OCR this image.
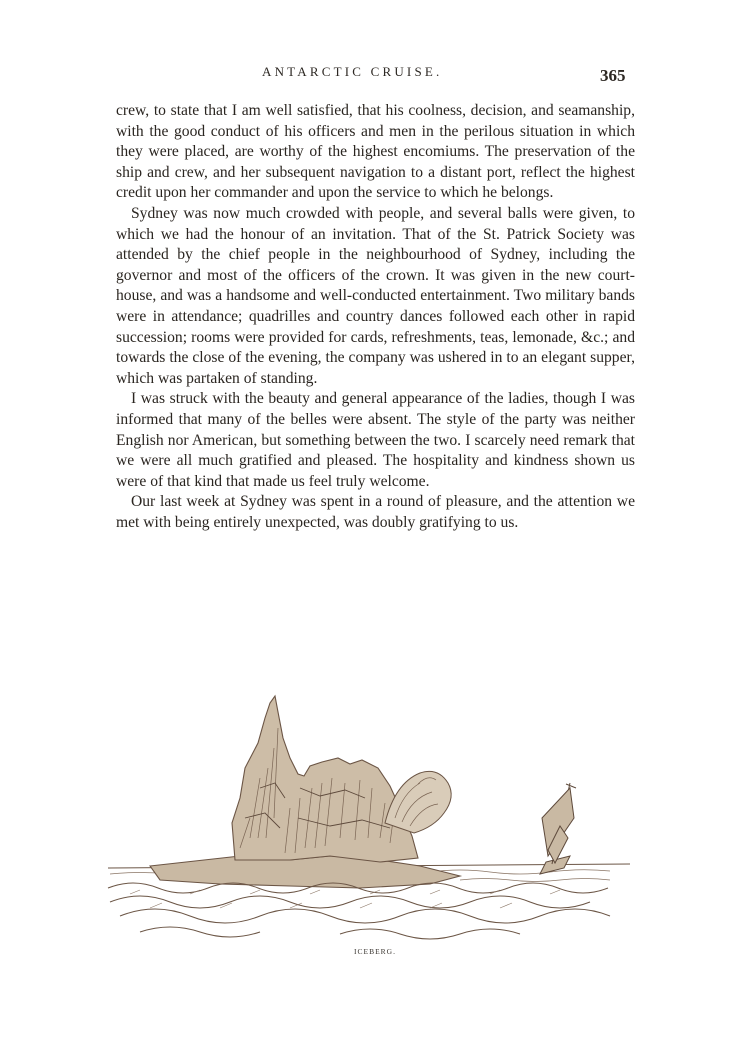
ANTARCTIC CRUISE.	365

crew, to state that I am well satisfied, that his coolness, decision, and seamanship, with the good conduct of his officers and men in the perilous situation in which they were placed, are worthy of the highest encomiums. The preservation of the ship and crew, and her subsequent navigation to a distant port, reflect the highest credit upon her commander and upon the service to which he belongs.

Sydney was now much crowded with people, and several balls were given, to which we had the honour of an invitation. That of the St. Patrick Society was attended by the chief people in the neighbourhood of Sydney, including the governor and most of the officers of the crown. It was given in the new court-house, and was a handsome and well-conducted entertainment. Two military bands were in attendance; quadrilles and country dances followed each other in rapid succession; rooms were provided for cards, refreshments, teas, lemonade, &c.; and towards the close of the evening, the company was ushered in to an elegant supper, which was partaken of standing.

I was struck with the beauty and general appearance of the ladies, though I was informed that many of the belles were absent. The style of the party was neither English nor American, but something between the two. I scarcely need remark that we were all much gratified and pleased. The hospitality and kindness shown us were of that kind that made us feel truly welcome.

Our last week at Sydney was spent in a round of pleasure, and the attention we met with being entirely unexpected, was doubly gratifying to us.

ICEBERG.
